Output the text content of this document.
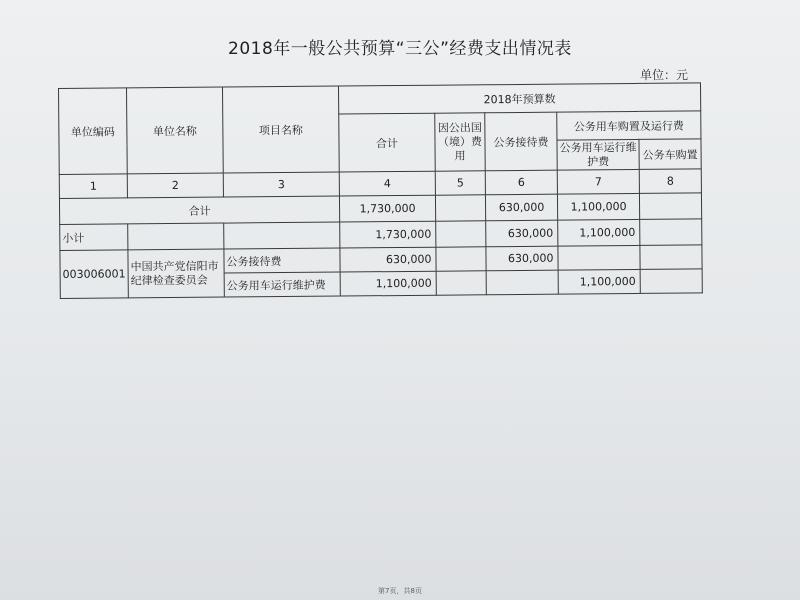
2018年一般公共预算“三公”经费支出情况表
单位：元
单位编码	单位名称	项目名称	2018年预算数				
			合计	因公出国（境）费用	公务接待费	公务用车购置及运行费	
						公务用车运行维护费	公务车购置
1	2	3	4	5	6	7	8
合计			1,730,000		630,000	1,100,000	
小计			1,730,000		630,000	1,100,000	
003006001	中国共产党信阳市纪律检查委员会	公务接待费	630,000		630,000		
		公务用车运行维护费	1,100,000			1,100,000	
第7页，共8页
